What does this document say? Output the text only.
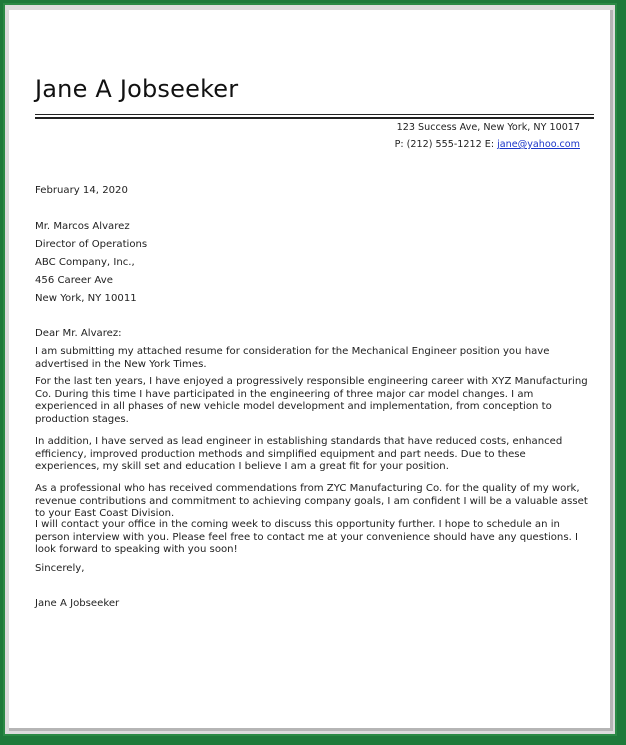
Jane A Jobseeker
123 Success Ave, New York, NY 10017
P: (212) 555-1212 E: jane@yahoo.com
February 14, 2020
Mr. Marcos Alvarez
Director of Operations
ABC Company, Inc.,
456 Career Ave
New York, NY 10011
Dear Mr. Alvarez:
I am submitting my attached resume for consideration for the Mechanical Engineer position you have advertised in the New York Times.
For the last ten years, I have enjoyed a progressively responsible engineering career with XYZ Manufacturing Co. During this time I have participated in the engineering of three major car model changes. I am experienced in all phases of new vehicle model development and implementation, from conception to production stages.
In addition, I have served as lead engineer in establishing standards that have reduced costs, enhanced efficiency, improved production methods and simplified equipment and part needs. Due to these experiences, my skill set and education I believe I am a great fit for your position.
As a professional who has received commendations from ZYC Manufacturing Co. for the quality of my work, revenue contributions and commitment to achieving company goals, I am confident I will be a valuable asset to your East Coast Division.
I will contact your office in the coming week to discuss this opportunity further. I hope to schedule an in person interview with you. Please feel free to contact me at your convenience should have any questions. I look forward to speaking with you soon!
Sincerely,
Jane A Jobseeker
